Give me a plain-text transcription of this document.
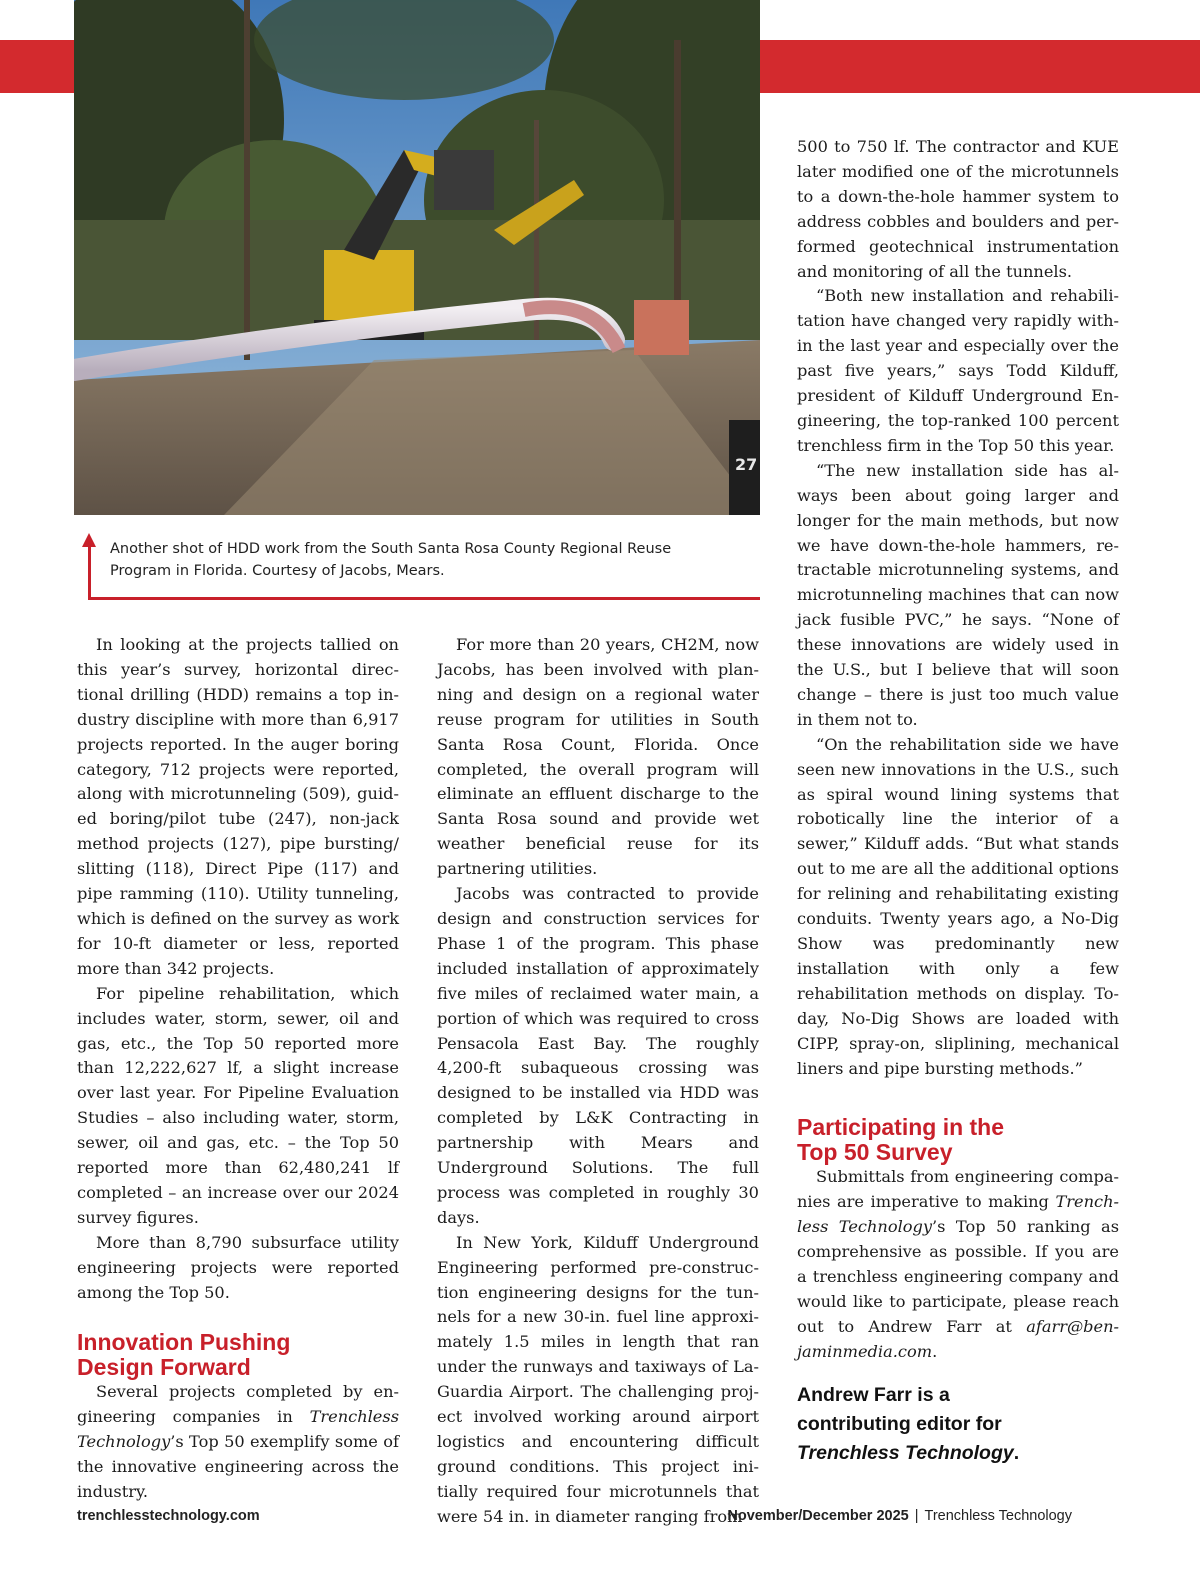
27
Another shot of HDD work from the South Santa Rosa County Regional Reuse Program in Florida. Courtesy of Jacobs, Mears.

In looking at the projects tallied on this year’s survey, horizontal directional drilling (HDD) remains a top industry discipline with more than 6,917 projects reported. In the auger boring category, 712 projects were reported, along with microtunneling (509), guided boring/pilot tube (247), non-jack method projects (127), pipe bursting/ slitting (118), Direct Pipe (117) and pipe ramming (110). Utility tunneling, which is defined on the survey as work for 10-ft diameter or less, reported more than 342 projects.

For pipeline rehabilitation, which includes water, storm, sewer, oil and gas, etc., the Top 50 reported more than 12,222,627 lf, a slight increase over last year. For Pipeline Evaluation Studies – also including water, storm, sewer, oil and gas, etc. – the Top 50 reported more than 62,480,241 lf completed – an increase over our 2024 survey figures.

More than 8,790 subsurface utility engineering projects were reported among the Top 50.

Innovation Pushing
Design Forward

Several projects completed by engineering companies in Trenchless Technology’s Top 50 exemplify some of the innovative engineering across the industry.

For more than 20 years, CH2M, now Jacobs, has been involved with planning and design on a regional water reuse program for utilities in South Santa Rosa Count, Florida. Once completed, the overall program will eliminate an effluent discharge to the Santa Rosa sound and provide wet weather beneficial reuse for its partnering utilities.

Jacobs was contracted to provide design and construction services for Phase 1 of the program. This phase included installation of approximately five miles of reclaimed water main, a portion of which was required to cross Pensacola East Bay. The roughly 4,200-ft subaqueous crossing was designed to be installed via HDD was completed by L&K Contracting in partnership with Mears and Underground Solutions. The full process was completed in roughly 30 days.

In New York, Kilduff Underground Engineering performed pre-construction engineering designs for the tunnels for a new 30-in. fuel line approximately 1.5 miles in length that ran under the runways and taxiways of LaGuardia Airport. The challenging project involved working around airport logistics and encountering difficult ground conditions. This project initially required four microtunnels that were 54 in. in diameter ranging from

500 to 750 lf. The contractor and KUE later modified one of the microtunnels to a down-the-hole hammer system to address cobbles and boulders and performed geotechnical instrumentation and monitoring of all the tunnels.

“Both new installation and rehabilitation have changed very rapidly within the last year and especially over the past five years,” says Todd Kilduff, president of Kilduff Underground Engineering, the top-ranked 100 percent trenchless firm in the Top 50 this year.

“The new installation side has always been about going larger and longer for the main methods, but now we have down-the-hole hammers, retractable microtunneling systems, and microtunneling machines that can now jack fusible PVC,” he says. “None of these innovations are widely used in the U.S., but I believe that will soon change – there is just too much value in them not to.

“On the rehabilitation side we have seen new innovations in the U.S., such as spiral wound lining systems that robotically line the interior of a sewer,” Kilduff adds. “But what stands out to me are all the additional options for relining and rehabilitating existing conduits. Twenty years ago, a No-Dig Show was predominantly new installation with only a few rehabilitation methods on display. Today, No-Dig Shows are loaded with CIPP, spray-on, sliplining, mechanical liners and pipe bursting methods.”

Participating in the
Top 50 Survey

Submittals from engineering companies are imperative to making Trenchless Technology’s Top 50 ranking as comprehensive as possible. If you are a trenchless engineering company and would like to participate, please reach out to Andrew Farr at afarr@benjaminmedia.com.

Andrew Farr is a
contributing editor for
Trenchless Technology.
trenchlesstechnology.com	November/December 2025 | Trenchless Technology
